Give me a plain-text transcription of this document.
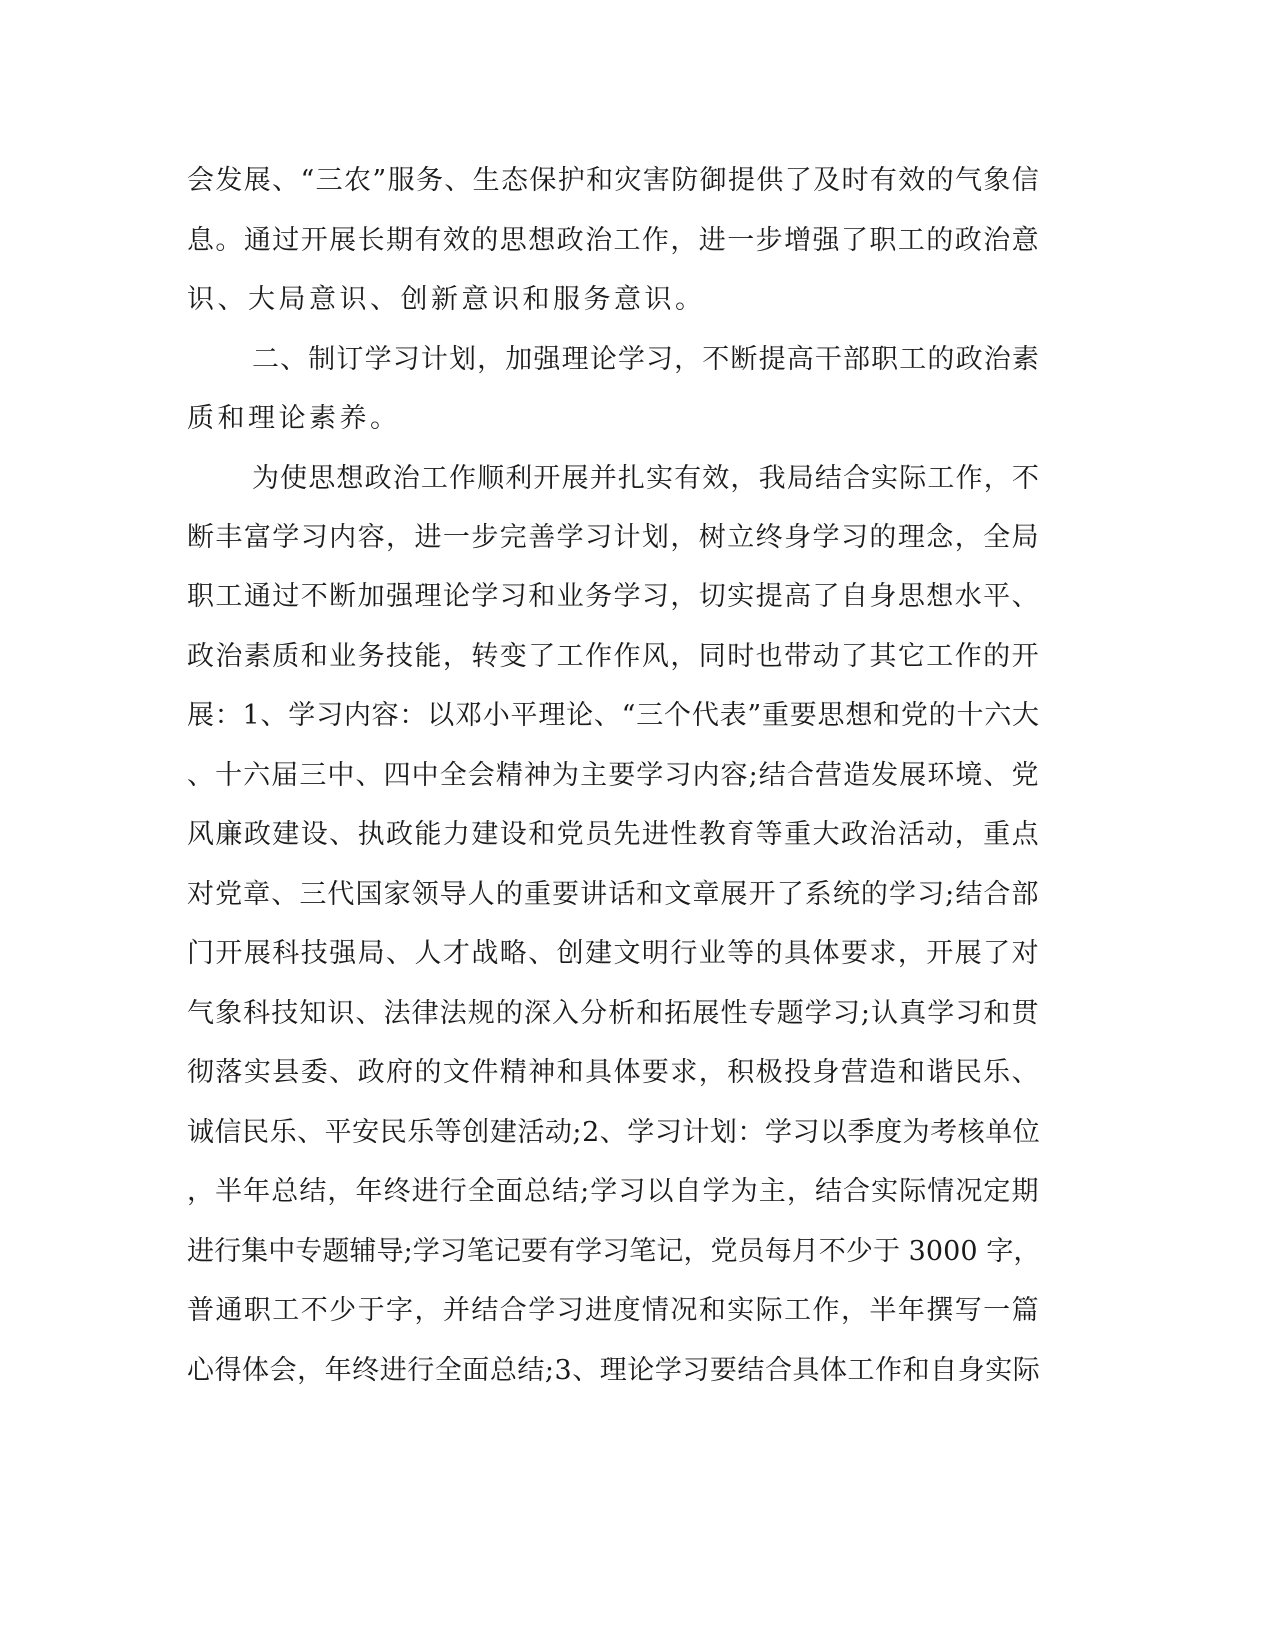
会发展、“三农”服务、生态保护和灾害防御提供了及时有效的气象信
息。通过开展长期有效的思想政治工作，进一步增强了职工的政治意
识、大局意识、创新意识和服务意识。
二、制订学习计划，加强理论学习，不断提高干部职工的政治素
质和理论素养。
为使思想政治工作顺利开展并扎实有效，我局结合实际工作，不
断丰富学习内容，进一步完善学习计划，树立终身学习的理念，全局
职工通过不断加强理论学习和业务学习，切实提高了自身思想水平、
政治素质和业务技能，转变了工作作风，同时也带动了其它工作的开
展：1、学习内容：以邓小平理论、“三个代表”重要思想和党的十六大
、十六届三中、四中全会精神为主要学习内容;结合营造发展环境、党
风廉政建设、执政能力建设和党员先进性教育等重大政治活动，重点
对党章、三代国家领导人的重要讲话和文章展开了系统的学习;结合部
门开展科技强局、人才战略、创建文明行业等的具体要求，开展了对
气象科技知识、法律法规的深入分析和拓展性专题学习;认真学习和贯
彻落实县委、政府的文件精神和具体要求，积极投身营造和谐民乐、
诚信民乐、平安民乐等创建活动;2、学习计划：学习以季度为考核单位
，半年总结，年终进行全面总结;学习以自学为主，结合实际情况定期
进行集中专题辅导;学习笔记要有学习笔记，党员每月不少于 3000 字，
普通职工不少于字，并结合学习进度情况和实际工作，半年撰写一篇
心得体会，年终进行全面总结;3、理论学习要结合具体工作和自身实际
